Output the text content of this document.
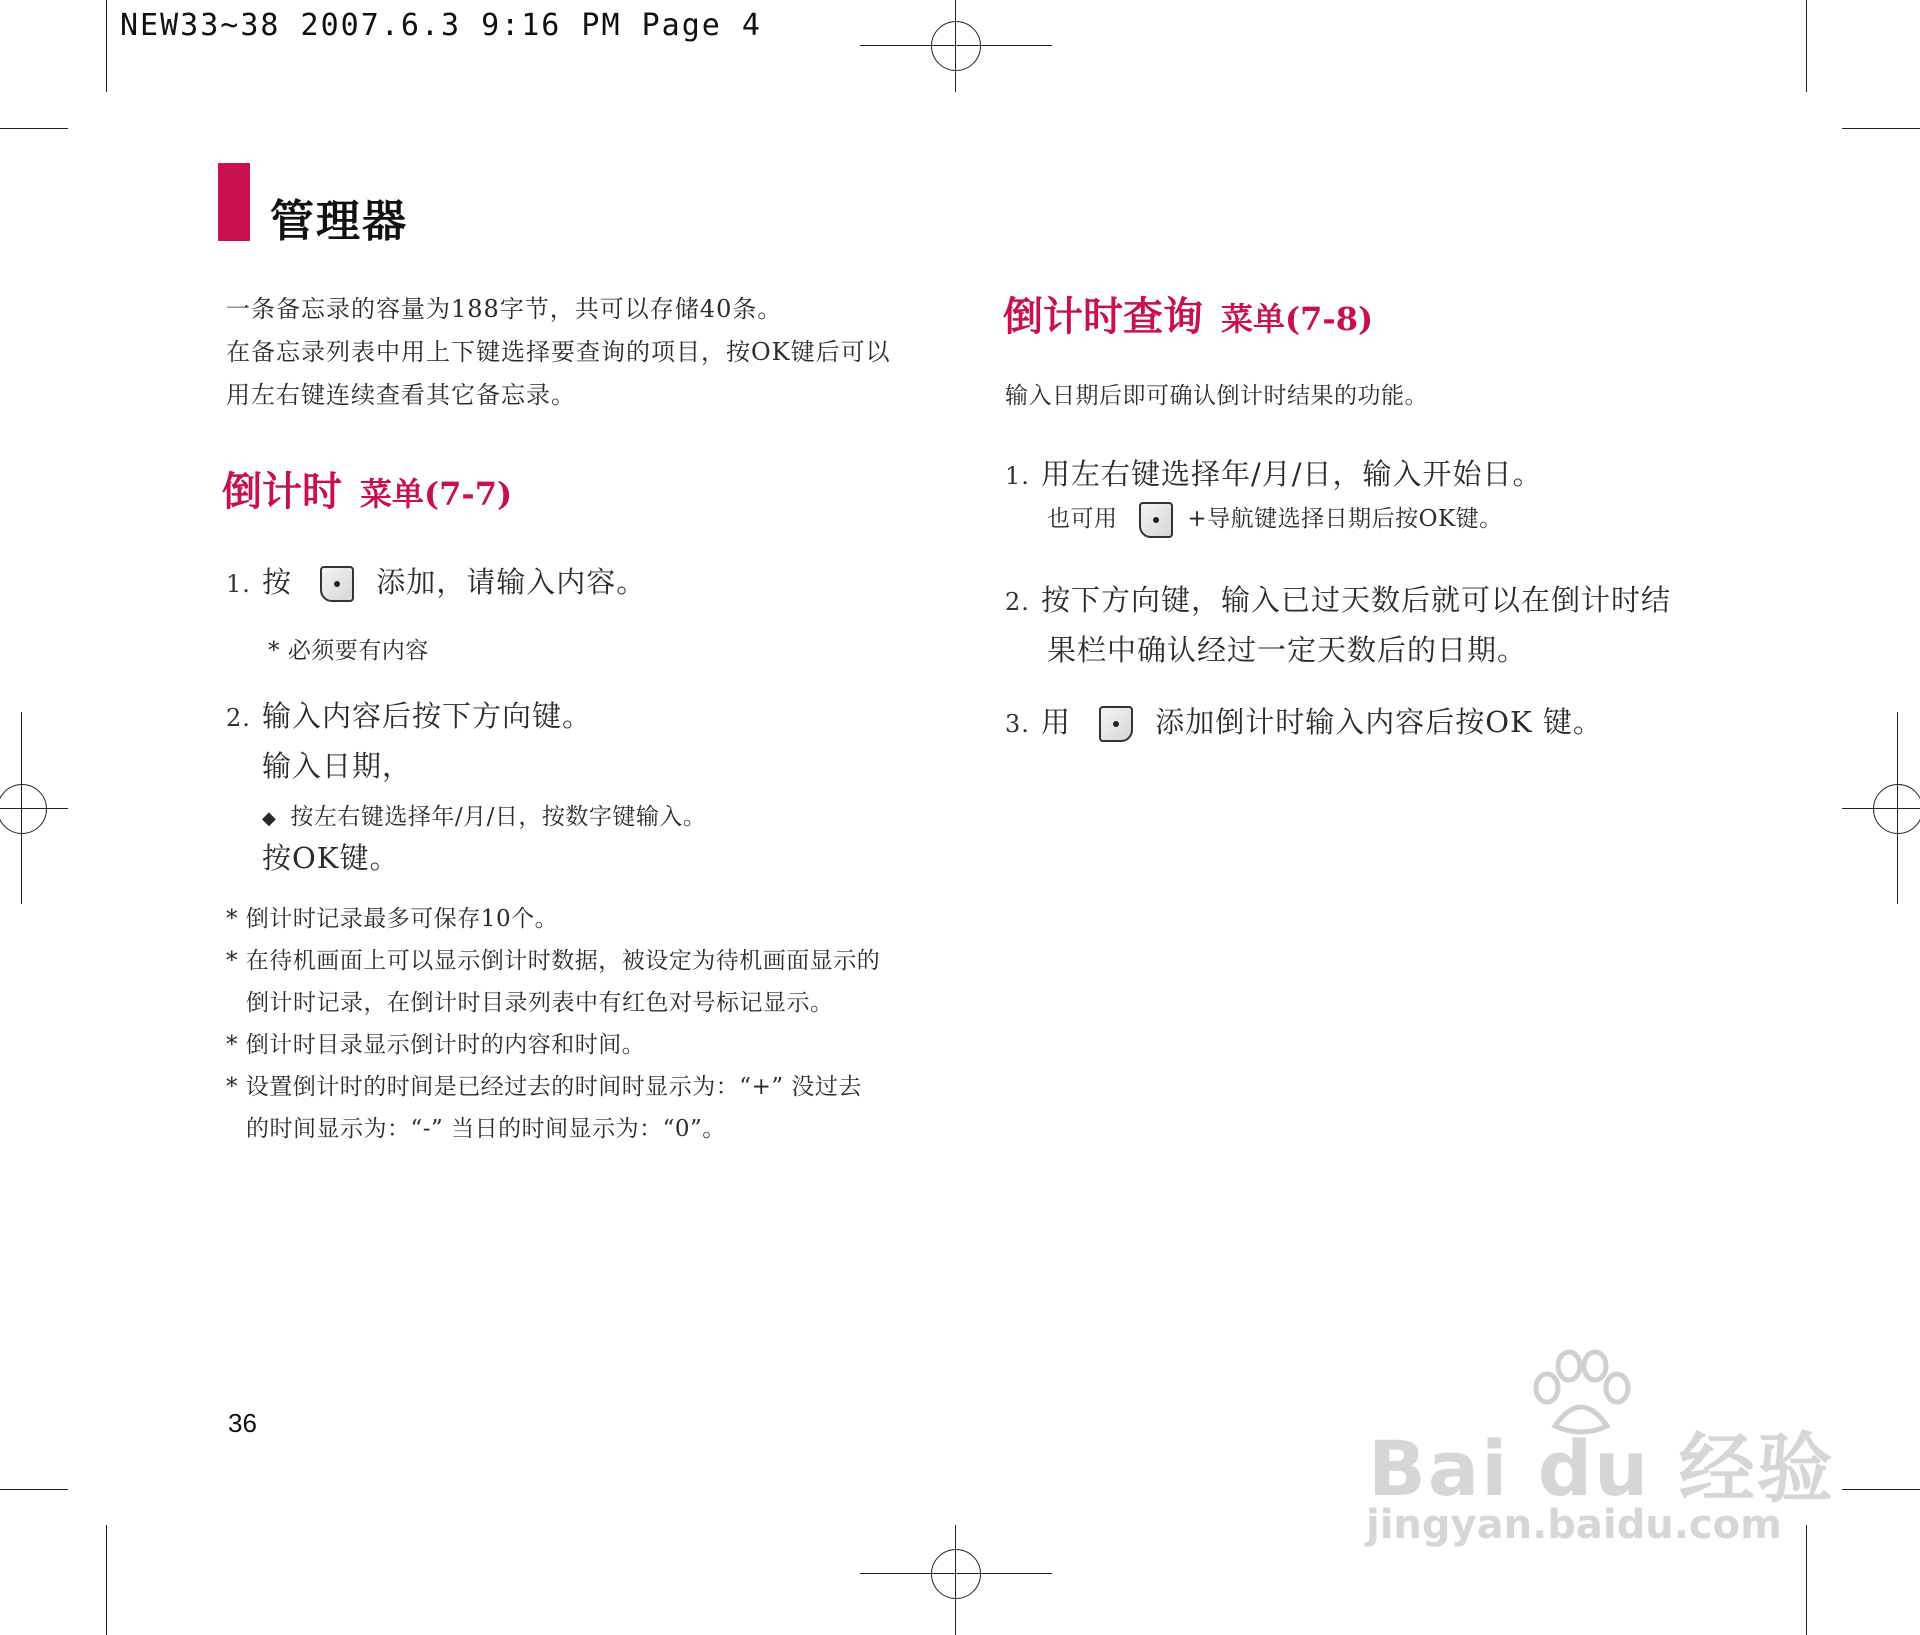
NEW33~38 2007.6.3 9:16 PM Page 4
管理器
一条备忘录的容量为188字节，共可以存储40条。
在备忘录列表中用上下键选择要查询的项目，按OK键后可以
用左右键连续查看其它备忘录。
倒计时 菜单(7-7)
1. 按	添加，请输入内容。
* 必须要有内容
2. 输入内容后按下方向键。
输入日期，
◆ 按左右键选择年/月/日，按数字键输入。
按OK键。
* 倒计时记录最多可保存10个。
* 在待机画面上可以显示倒计时数据，被设定为待机画面显示的
倒计时记录，在倒计时目录列表中有红色对号标记显示。
* 倒计时目录显示倒计时的内容和时间。
* 设置倒计时的时间是已经过去的时间时显示为：“+” 没过去
的时间显示为：“-” 当日的时间显示为：“0”。
倒计时查询 菜单(7-8)
输入日期后即可确认倒计时结果的功能。
1. 用左右键选择年/月/日，输入开始日。
也可用	+导航键选择日期后按OK键。
2. 按下方向键，输入已过天数后就可以在倒计时结
果栏中确认经过一定天数后的日期。
3. 用	添加倒计时输入内容后按OK 键。
36
Bai du 经验
jingyan.baidu.com
